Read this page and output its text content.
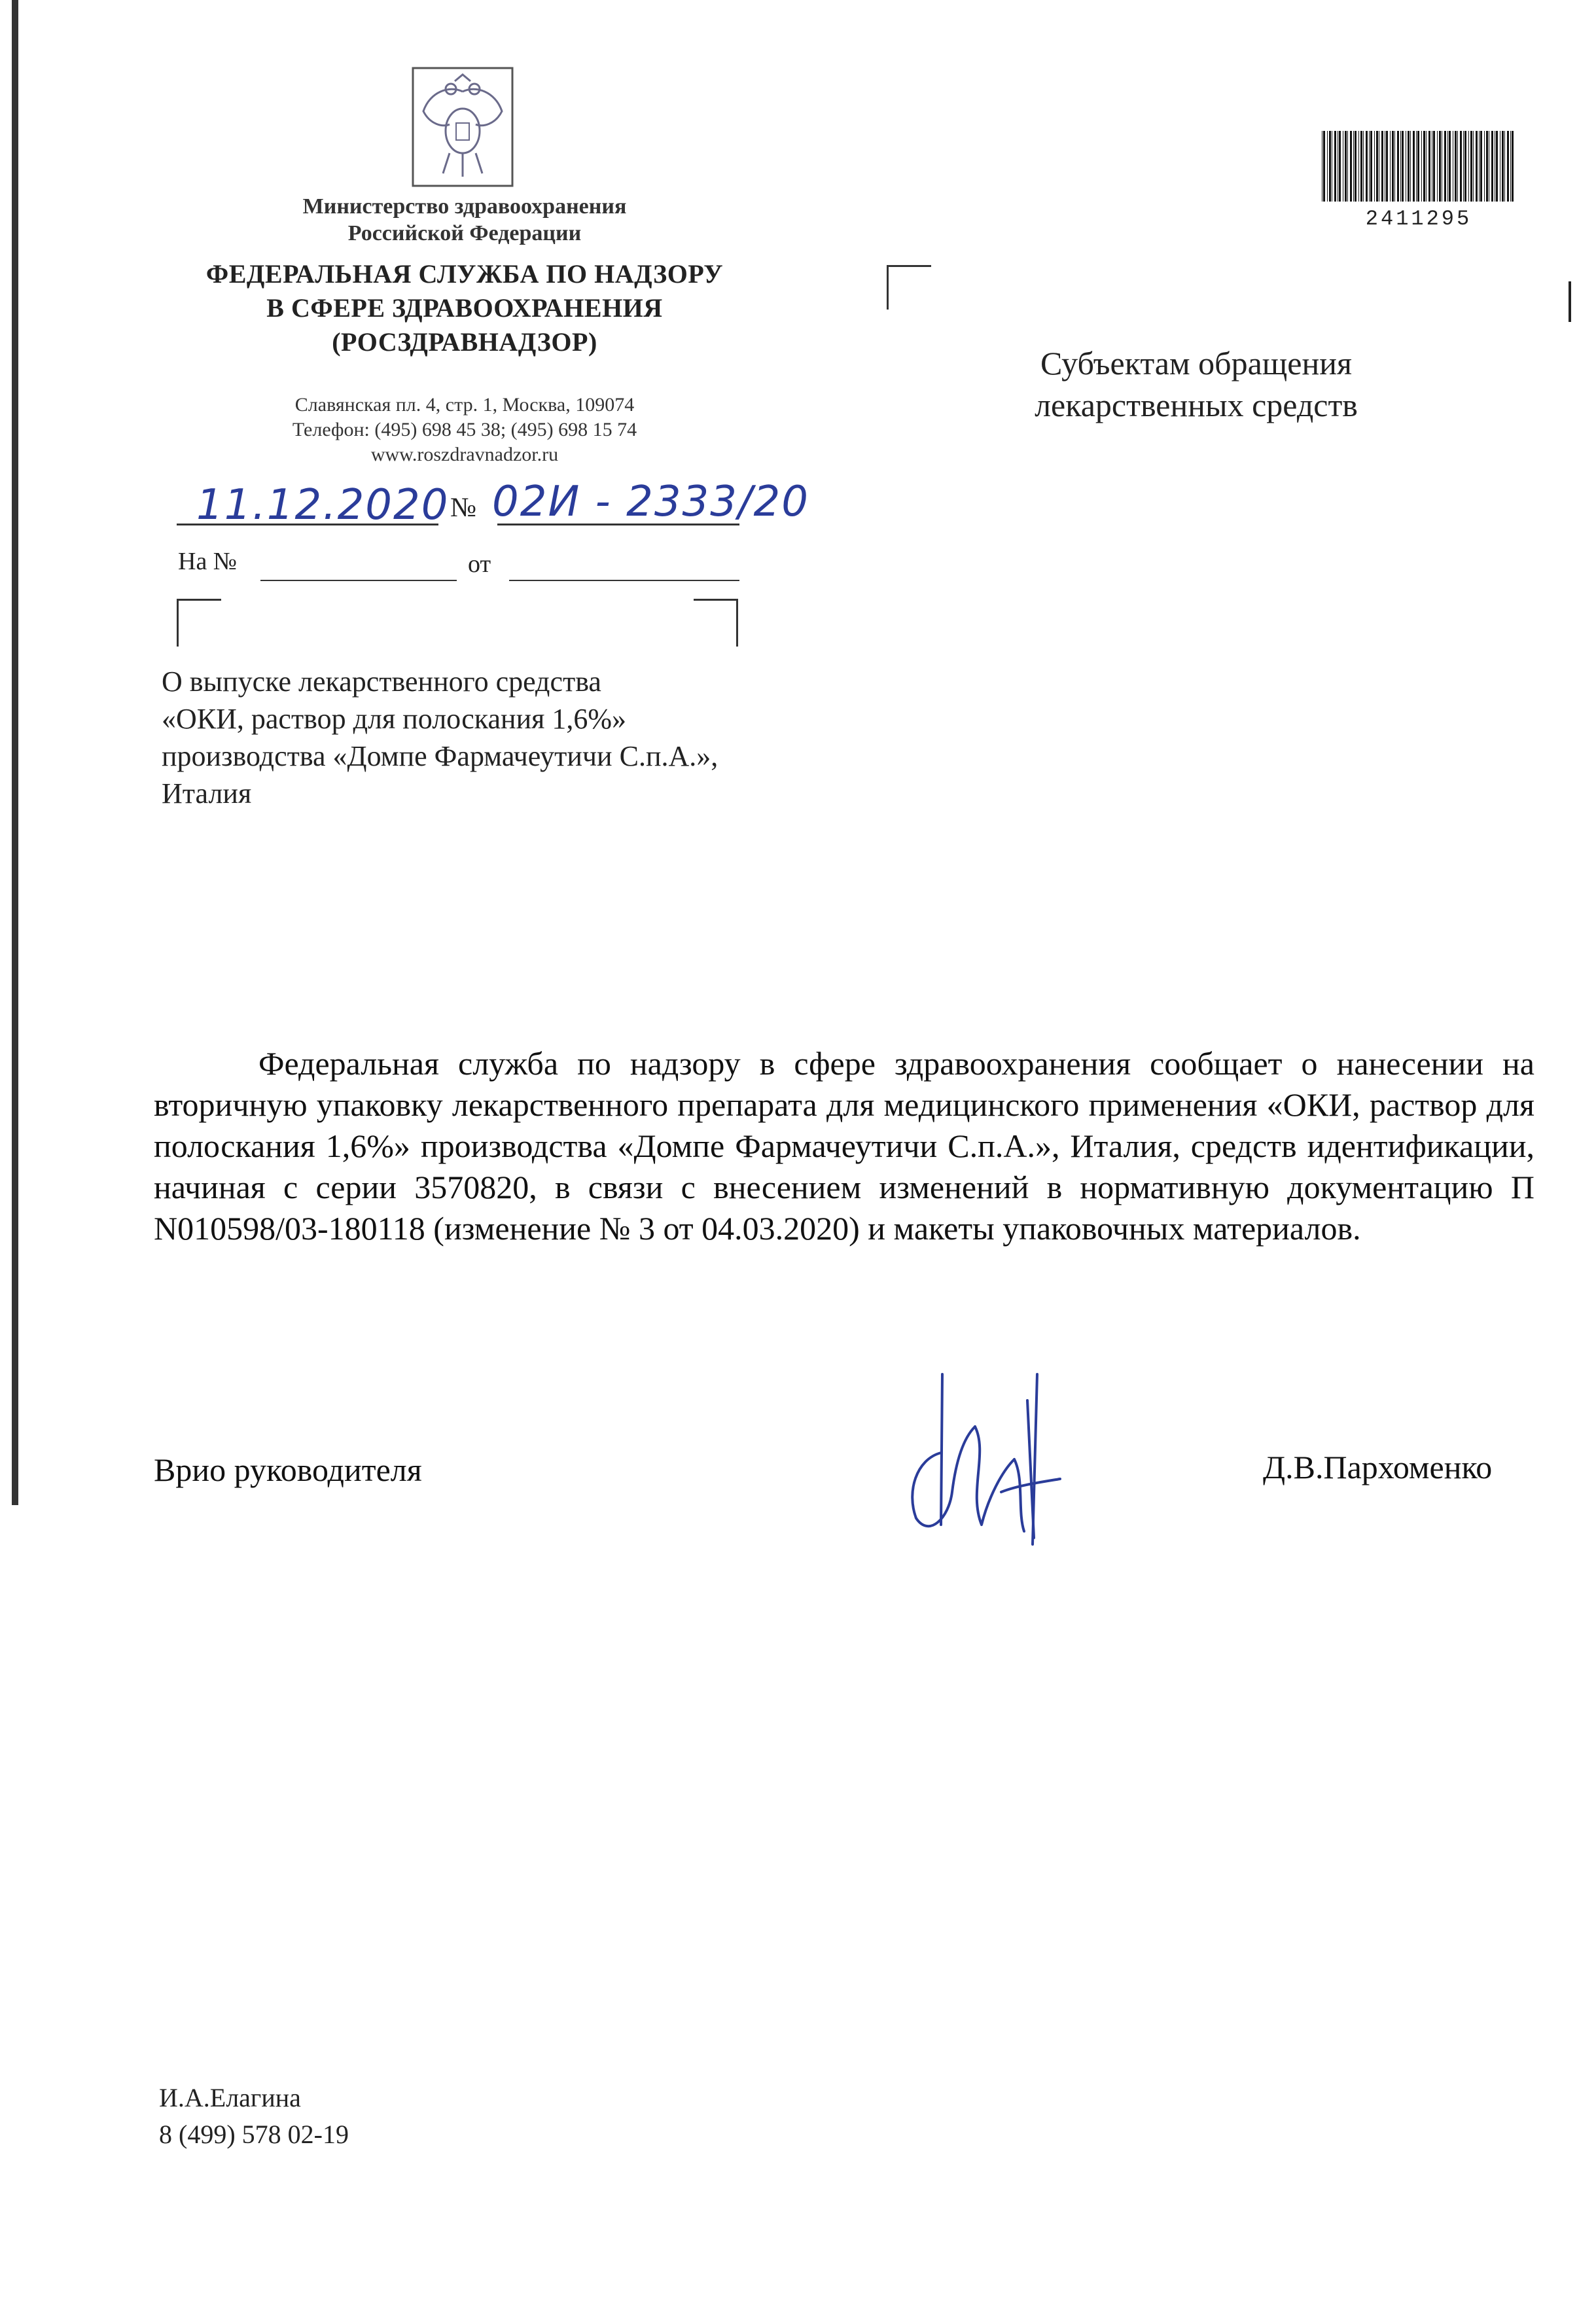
Министерство здравоохранения
Российской Федерации
ФЕДЕРАЛЬНАЯ СЛУЖБА ПО НАДЗОРУ
В СФЕРЕ ЗДРАВООХРАНЕНИЯ
(РОСЗДРАВНАДЗОР)
Славянская пл. 4, стр. 1, Москва, 109074
Телефон: (495) 698 45 38; (495) 698 15 74
www.roszdravnadzor.ru
11.12.2020 № 02И - 2333/20
На №	от
2411295
Субъектам обращения
лекарственных средств
О выпуске лекарственного средства
«ОКИ, раствор для полоскания 1,6%»
производства «Домпе Фармачеутичи С.п.А.»,
Италия

Федеральная служба по надзору в сфере здравоохранения сообщает о нанесении на вторичную упаковку лекарственного препарата для медицинского применения «ОКИ, раствор для полоскания 1,6%» производства «Домпе Фармачеутичи С.п.А.», Италия, средств идентификации, начиная с серии 3570820, в связи с внесением изменений в нормативную документацию П N010598/03-180118 (изменение № 3 от 04.03.2020) и макеты упаковочных материалов.

Врио руководителя	Д.В.Пархоменко
И.А.Елагина
8 (499) 578 02-19
